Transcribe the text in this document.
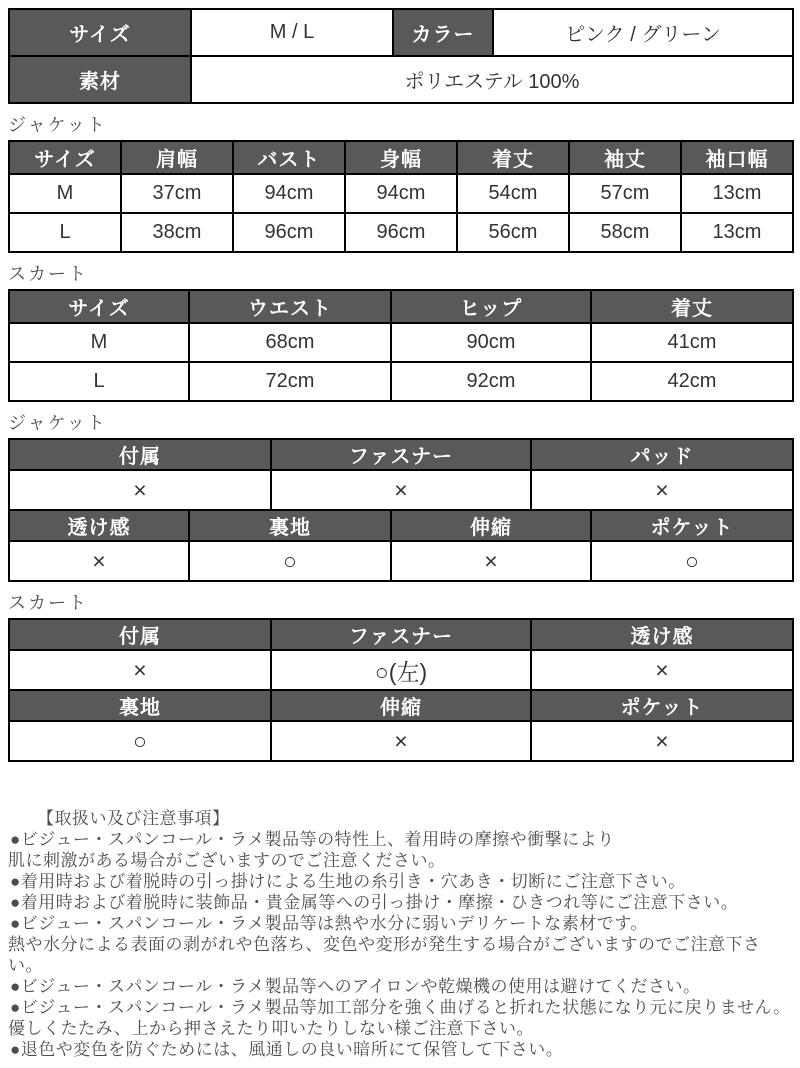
サイズ	M / L	カラー	ピンク / グリーン
素材	ポリエステル 100%		
ジャケット
サイズ	肩幅	バスト	身幅	着丈	袖丈	袖口幅
M	37cm	94cm	94cm	54cm	57cm	13cm
L	38cm	96cm	96cm	56cm	58cm	13cm
スカート
サイズ	ウエスト	ヒップ	着丈
M	68cm	90cm	41cm
L	72cm	92cm	42cm
ジャケット
付属	ファスナー	パッド
×	×	×
透け感	裏地	伸縮	ポケット
×	○	×	○
スカート
付属	ファスナー	透け感
×	○(左)	×
裏地	伸縮	ポケット
○	×	×
【取扱い及び注意事項】
●ビジュー・スパンコール・ラメ製品等の特性上、着用時の摩擦や衝撃により
肌に刺激がある場合がございますのでご注意ください。
●着用時および着脱時の引っ掛けによる生地の糸引き・穴あき・切断にご注意下さい。
●着用時および着脱時に装飾品・貴金属等への引っ掛け・摩擦・ひきつれ等にご注意下さい。
●ビジュー・スパンコール・ラメ製品等は熱や水分に弱いデリケートな素材です。
熱や水分による表面の剥がれや色落ち、変色や変形が発生する場合がございますのでご注意下さい。
●ビジュー・スパンコール・ラメ製品等へのアイロンや乾燥機の使用は避けてください。
●ビジュー・スパンコール・ラメ製品等加工部分を強く曲げると折れた状態になり元に戻りません。
優しくたたみ、上から押さえたり叩いたりしない様ご注意下さい。
●退色や変色を防ぐためには、風通しの良い暗所にて保管して下さい。
